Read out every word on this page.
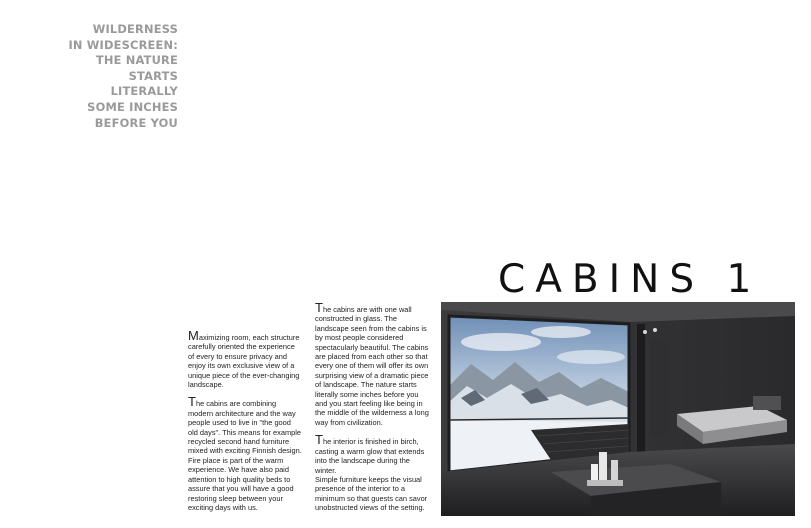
WILDERNESS
IN WIDESCREEN:
THE NATURE
STARTS
LITERALLY
SOME INCHES
BEFORE YOU
CABINS 1

Maximizing room, each structure carefully oriented the experience of every to ensure privacy and enjoy its own exclusive view of a unique piece of the ever-changing landscape.

The cabins are combining modern architecture and the way people used to live in "the good old days". This means for example recycled second hand furniture mixed with exciting Finnish design. Fire place is part of the warm experience. We have also paid attention to high quality beds to assure that you will have a good restoring sleep between your exciting days with us.

The cabins are with one wall constructed in glass. The landscape seen from the cabins is by most people considered spectacularly beautiful. The cabins are placed from each other so that every one of them will offer its own surprising view of a dramatic piece of landscape. The nature starts literally some inches before you and you start feeling like being in the middle of the wilderness a long way from civilization.

The interior is finished in birch, casting a warm glow that extends into the landscape during the winter.

Simple furniture keeps the visual presence of the interior to a minimum so that guests can savor unobstructed views of the setting.
